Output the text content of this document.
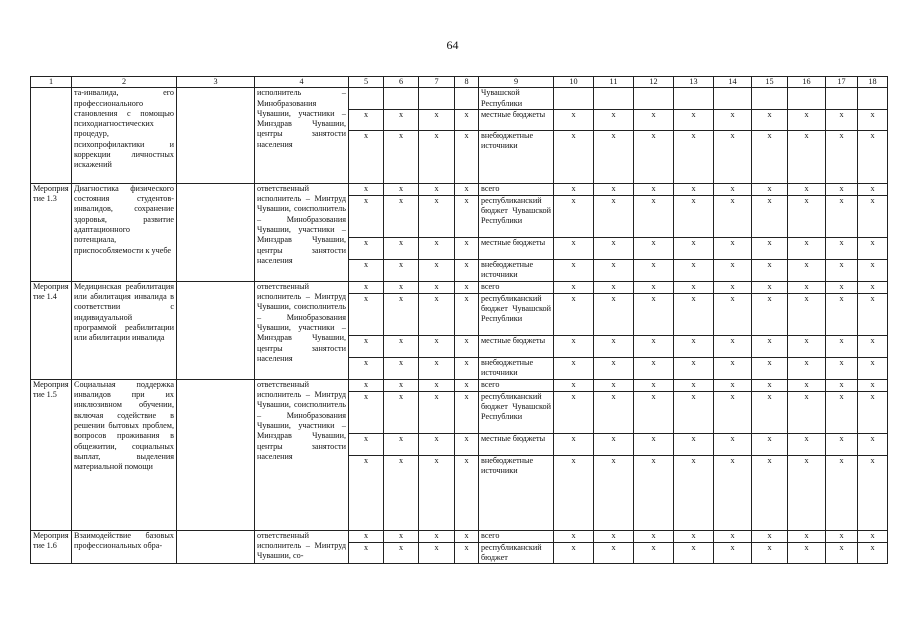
64
1	2	3	4	5	6	7	8	9	10	11	12	13	14	15	16	17	18
	та-инвалида, его профессионального становления с помощью психодиагностических процедур, психопрофилактики и коррекции личностных искажений		исполнитель – Минобразования Чувашии, участники – Минздрав Чувашии, центры занятости населения					Чувашской Республики									
				x	x	x	x	местные бюджеты	x	x	x	x	x	x	x	x	x
				x	x	x	x	внебюджетные источники	x	x	x	x	x	x	x	x	x
Мероприятие 1.3	Диагностика физического состояния студентов-инвалидов, сохранение здоровья, развитие адаптационного потенциала, приспособляемости к учебе		ответственный исполнитель – Минтруд Чувашии, соисполнитель – Минобразования Чувашии, участники – Минздрав Чувашии, центры занятости населения	x	x	x	x	всего	x	x	x	x	x	x	x	x	x
				x	x	x	x	республиканский бюджет Чувашской Республики	x	x	x	x	x	x	x	x	x
				x	x	x	x	местные бюджеты	x	x	x	x	x	x	x	x	x
				x	x	x	x	внебюджетные источники	x	x	x	x	x	x	x	x	x
Мероприятие 1.4	Медицинская реабилитация или абилитация инвалида в соответствии с индивидуальной программой реабилитации или абилитации инвалида		ответственный исполнитель – Минтруд Чувашии, соисполнитель – Минобразования Чувашии, участники – Минздрав Чувашии, центры занятости населения	x	x	x	x	всего	x	x	x	x	x	x	x	x	x
				x	x	x	x	республиканский бюджет Чувашской Республики	x	x	x	x	x	x	x	x	x
				x	x	x	x	местные бюджеты	x	x	x	x	x	x	x	x	x
				x	x	x	x	внебюджетные источники	x	x	x	x	x	x	x	x	x
Мероприятие 1.5	Социальная поддержка инвалидов при их инклюзивном обучении, включая содействие в решении бытовых проблем, вопросов проживания в общежитии, социальных выплат, выделения материальной помощи		ответственный исполнитель – Минтруд Чувашии, соисполнитель – Минобразования Чувашии, участники – Минздрав Чувашии, центры занятости населения	x	x	x	x	всего	x	x	x	x	x	x	x	x	x
				x	x	x	x	республиканский бюджет Чувашской Республики	x	x	x	x	x	x	x	x	x
				x	x	x	x	местные бюджеты	x	x	x	x	x	x	x	x	x
				x	x	x	x	внебюджетные источники	x	x	x	x	x	x	x	x	x
Мероприятие 1.6	Взаимодействие базовых профессиональных обра-		ответственный исполнитель – Минтруд Чувашии, со-	x	x	x	x	всего	x	x	x	x	x	x	x	x	x
				x	x	x	x	республиканский бюджет	x	x	x	x	x	x	x	x	x
